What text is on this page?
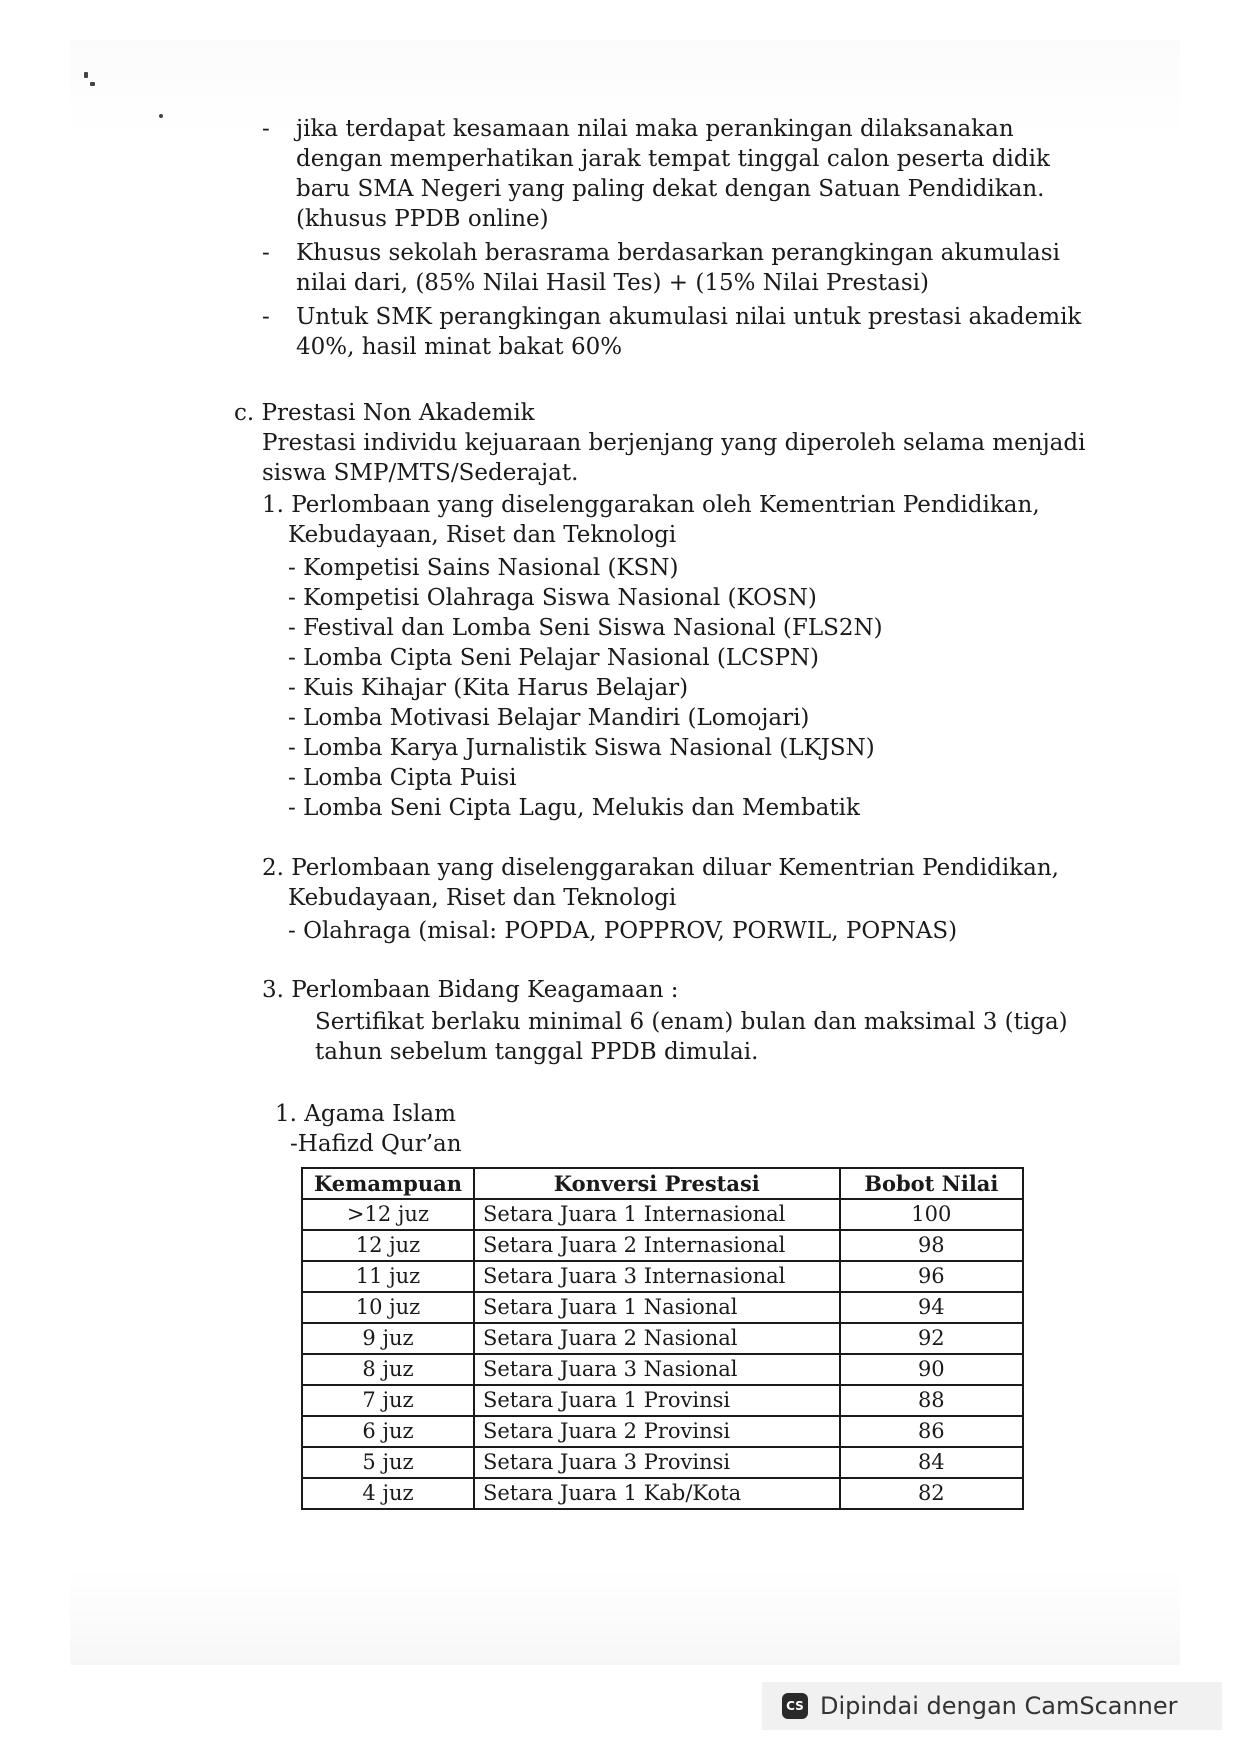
- jika terdapat kesamaan nilai maka perankingan dilaksanakan
dengan memperhatikan jarak tempat tinggal calon peserta didik
baru SMA Negeri yang paling dekat dengan Satuan Pendidikan.
(khusus PPDB online)
- Khusus sekolah berasrama berdasarkan perangkingan akumulasi
nilai dari, (85% Nilai Hasil Tes) + (15% Nilai Prestasi)
- Untuk SMK perangkingan akumulasi nilai untuk prestasi akademik
40%, hasil minat bakat 60%
c. Prestasi Non Akademik
Prestasi individu kejuaraan berjenjang yang diperoleh selama menjadi
siswa SMP/MTS/Sederajat.
1. Perlombaan yang diselenggarakan oleh Kementrian Pendidikan,
Kebudayaan, Riset dan Teknologi
- Kompetisi Sains Nasional (KSN)
- Kompetisi Olahraga Siswa Nasional (KOSN)
- Festival dan Lomba Seni Siswa Nasional (FLS2N)
- Lomba Cipta Seni Pelajar Nasional (LCSPN)
- Kuis Kihajar (Kita Harus Belajar)
- Lomba Motivasi Belajar Mandiri (Lomojari)
- Lomba Karya Jurnalistik Siswa Nasional (LKJSN)
- Lomba Cipta Puisi
- Lomba Seni Cipta Lagu, Melukis dan Membatik
2. Perlombaan yang diselenggarakan diluar Kementrian Pendidikan,
Kebudayaan, Riset dan Teknologi
- Olahraga (misal: POPDA, POPPROV, PORWIL, POPNAS)
3. Perlombaan Bidang Keagamaan :
Sertifikat berlaku minimal 6 (enam) bulan dan maksimal 3 (tiga)
tahun sebelum tanggal PPDB dimulai.
1. Agama Islam
-Hafizd Qur’an
Kemampuan	Konversi Prestasi	Bobot Nilai
>12 juz	Setara Juara 1 Internasional	100
12 juz	Setara Juara 2 Internasional	98
11 juz	Setara Juara 3 Internasional	96
10 juz	Setara Juara 1 Nasional	94
9 juz	Setara Juara 2 Nasional	92
8 juz	Setara Juara 3 Nasional	90
7 juz	Setara Juara 1 Provinsi	88
6 juz	Setara Juara 2 Provinsi	86
5 juz	Setara Juara 3 Provinsi	84
4 juz	Setara Juara 1 Kab/Kota	82
CS Dipindai dengan CamScanner
